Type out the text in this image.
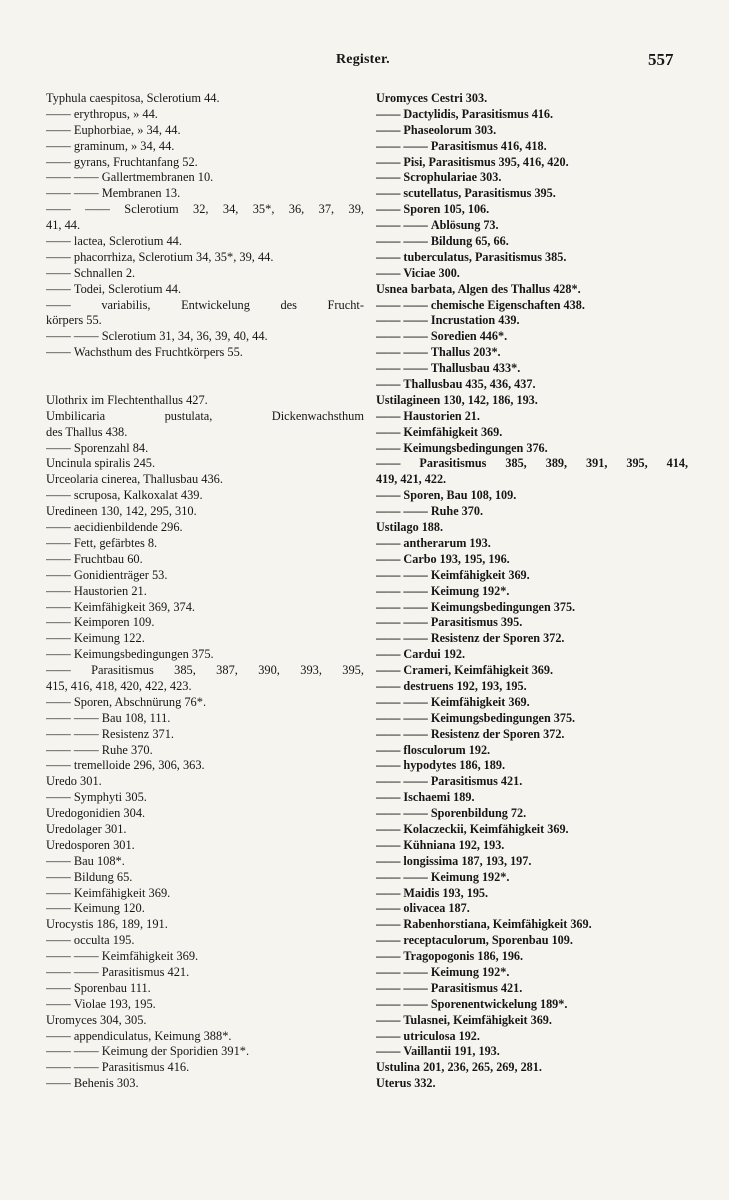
Register.	557
Typhula caespitosa, Sclerotium 44.
—— erythropus, » 44.
—— Euphorbiae, » 34, 44.
—— graminum, » 34, 44.
—— gyrans, Fruchtanfang 52.
—— —— Gallertmembranen 10.
—— —— Membranen 13.
—— —— Sclerotium 32, 34, 35*, 36, 37, 39,
41, 44.
—— lactea, Sclerotium 44.
—— phacorrhiza, Sclerotium 34, 35*, 39, 44.
—— Schnallen 2.
—— Todei, Sclerotium 44.
—— variabilis, Entwickelung des Frucht-
körpers 55.
—— —— Sclerotium 31, 34, 36, 39, 40, 44.
—— Wachsthum des Fruchtkörpers 55.
Ulothrix im Flechtenthallus 427.
Umbilicaria pustulata, Dickenwachsthum
des Thallus 438.
—— Sporenzahl 84.
Uncinula spiralis 245.
Urceolaria cinerea, Thallusbau 436.
—— scruposa, Kalkoxalat 439.
Uredineen 130, 142, 295, 310.
—— aecidienbildende 296.
—— Fett, gefärbtes 8.
—— Fruchtbau 60.
—— Gonidienträger 53.
—— Haustorien 21.
—— Keimfähigkeit 369, 374.
—— Keimporen 109.
—— Keimung 122.
—— Keimungsbedingungen 375.
—— Parasitismus 385, 387, 390, 393, 395,
415, 416, 418, 420, 422, 423.
—— Sporen, Abschnürung 76*.
—— —— Bau 108, 111.
—— —— Resistenz 371.
—— —— Ruhe 370.
—— tremelloide 296, 306, 363.
Uredo 301.
—— Symphyti 305.
Uredogonidien 304.
Uredolager 301.
Uredosporen 301.
—— Bau 108*.
—— Bildung 65.
—— Keimfähigkeit 369.
—— Keimung 120.
Urocystis 186, 189, 191.
—— occulta 195.
—— —— Keimfähigkeit 369.
—— —— Parasitismus 421.
—— Sporenbau 111.
—— Violae 193, 195.
Uromyces 304, 305.
—— appendiculatus, Keimung 388*.
—— —— Keimung der Sporidien 391*.
—— —— Parasitismus 416.
—— Behenis 303.
Uromyces Cestri 303.
—— Dactylidis, Parasitismus 416.
—— Phaseolorum 303.
—— —— Parasitismus 416, 418.
—— Pisi, Parasitismus 395, 416, 420.
—— Scrophulariae 303.
—— scutellatus, Parasitismus 395.
—— Sporen 105, 106.
—— —— Ablösung 73.
—— —— Bildung 65, 66.
—— tuberculatus, Parasitismus 385.
—— Viciae 300.
Usnea barbata, Algen des Thallus 428*.
—— —— chemische Eigenschaften 438.
—— —— Incrustation 439.
—— —— Soredien 446*.
—— —— Thallus 203*.
—— —— Thallusbau 433*.
—— Thallusbau 435, 436, 437.
Ustilagineen 130, 142, 186, 193.
—— Haustorien 21.
—— Keimfähigkeit 369.
—— Keimungsbedingungen 376.
—— Parasitismus 385, 389, 391, 395, 414,
419, 421, 422.
—— Sporen, Bau 108, 109.
—— —— Ruhe 370.
Ustilago 188.
—— antherarum 193.
—— Carbo 193, 195, 196.
—— —— Keimfähigkeit 369.
—— —— Keimung 192*.
—— —— Keimungsbedingungen 375.
—— —— Parasitismus 395.
—— —— Resistenz der Sporen 372.
—— Cardui 192.
—— Crameri, Keimfähigkeit 369.
—— destruens 192, 193, 195.
—— —— Keimfähigkeit 369.
—— —— Keimungsbedingungen 375.
—— —— Resistenz der Sporen 372.
—— flosculorum 192.
—— hypodytes 186, 189.
—— —— Parasitismus 421.
—— Ischaemi 189.
—— —— Sporenbildung 72.
—— Kolaczeckii, Keimfähigkeit 369.
—— Kühniana 192, 193.
—— longissima 187, 193, 197.
—— —— Keimung 192*.
—— Maidis 193, 195.
—— olivacea 187.
—— Rabenhorstiana, Keimfähigkeit 369.
—— receptaculorum, Sporenbau 109.
—— Tragopogonis 186, 196.
—— —— Keimung 192*.
—— —— Parasitismus 421.
—— —— Sporenentwickelung 189*.
—— Tulasnei, Keimfähigkeit 369.
—— utriculosa 192.
—— Vaillantii 191, 193.
Ustulina 201, 236, 265, 269, 281.
Uterus 332.
